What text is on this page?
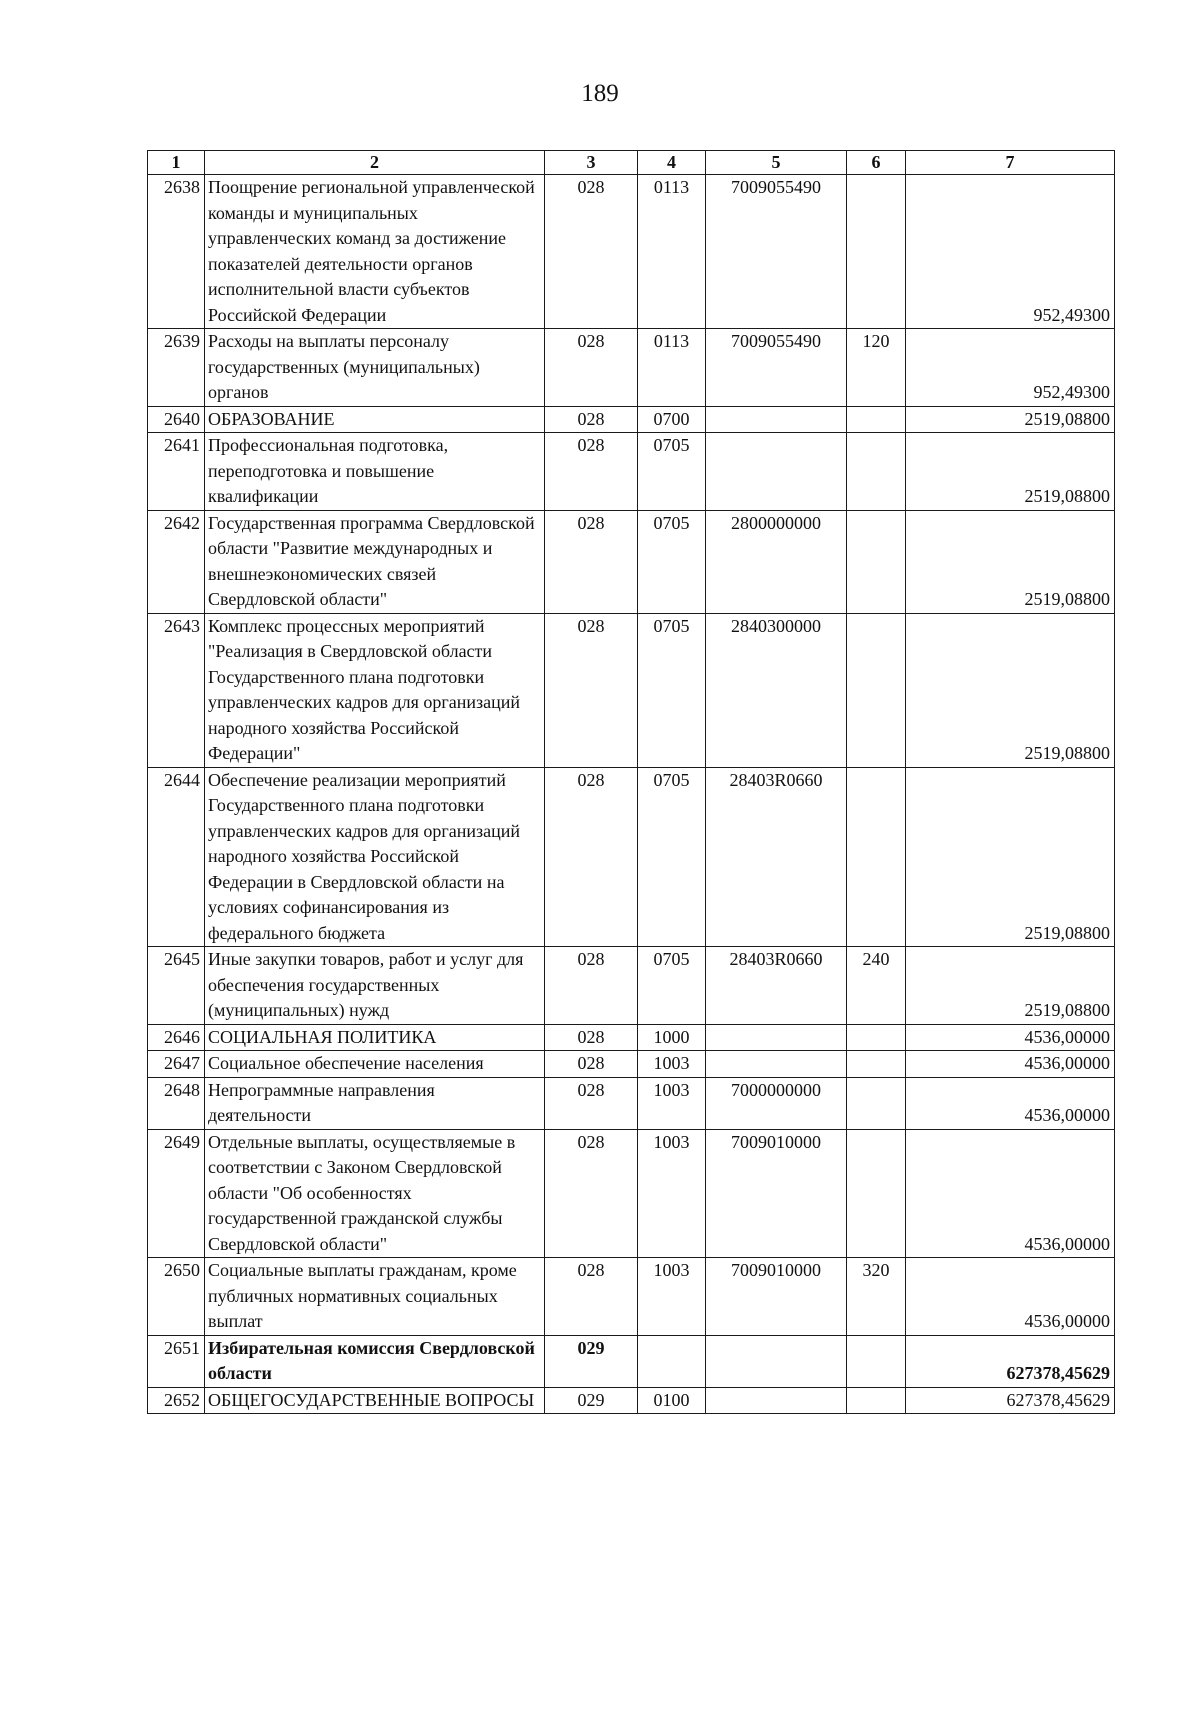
189
1	2	3	4	5	6	7
2638	Поощрение региональной управленческой команды и муниципальных управленческих команд за достижение показателей деятельности органов исполнительной власти субъектов Российской Федерации	028	0113	7009055490		952,49300
2639	Расходы на выплаты персоналу государственных (муниципальных) органов	028	0113	7009055490	120	952,49300
2640	ОБРАЗОВАНИЕ	028	0700			2519,08800
2641	Профессиональная подготовка, переподготовка и повышение квалификации	028	0705			2519,08800
2642	Государственная программа Свердловской области "Развитие международных и внешнеэкономических связей Свердловской области"	028	0705	2800000000		2519,08800
2643	Комплекс процессных мероприятий "Реализация в Свердловской области Государственного плана подготовки управленческих кадров для организаций народного хозяйства Российской Федерации"	028	0705	2840300000		2519,08800
2644	Обеспечение реализации мероприятий Государственного плана подготовки управленческих кадров для организаций народного хозяйства Российской Федерации в Свердловской области на условиях софинансирования из федерального бюджета	028	0705	28403R0660		2519,08800
2645	Иные закупки товаров, работ и услуг для обеспечения государственных (муниципальных) нужд	028	0705	28403R0660	240	2519,08800
2646	СОЦИАЛЬНАЯ ПОЛИТИКА	028	1000			4536,00000
2647	Социальное обеспечение населения	028	1003			4536,00000
2648	Непрограммные направления деятельности	028	1003	7000000000		4536,00000
2649	Отдельные выплаты, осуществляемые в соответствии с Законом Свердловской области "Об особенностях государственной гражданской службы Свердловской области"	028	1003	7009010000		4536,00000
2650	Социальные выплаты гражданам, кроме публичных нормативных социальных выплат	028	1003	7009010000	320	4536,00000
2651	Избирательная комиссия Свердловской области	029				627378,45629
2652	ОБЩЕГОСУДАРСТВЕННЫЕ ВОПРОСЫ	029	0100			627378,45629
